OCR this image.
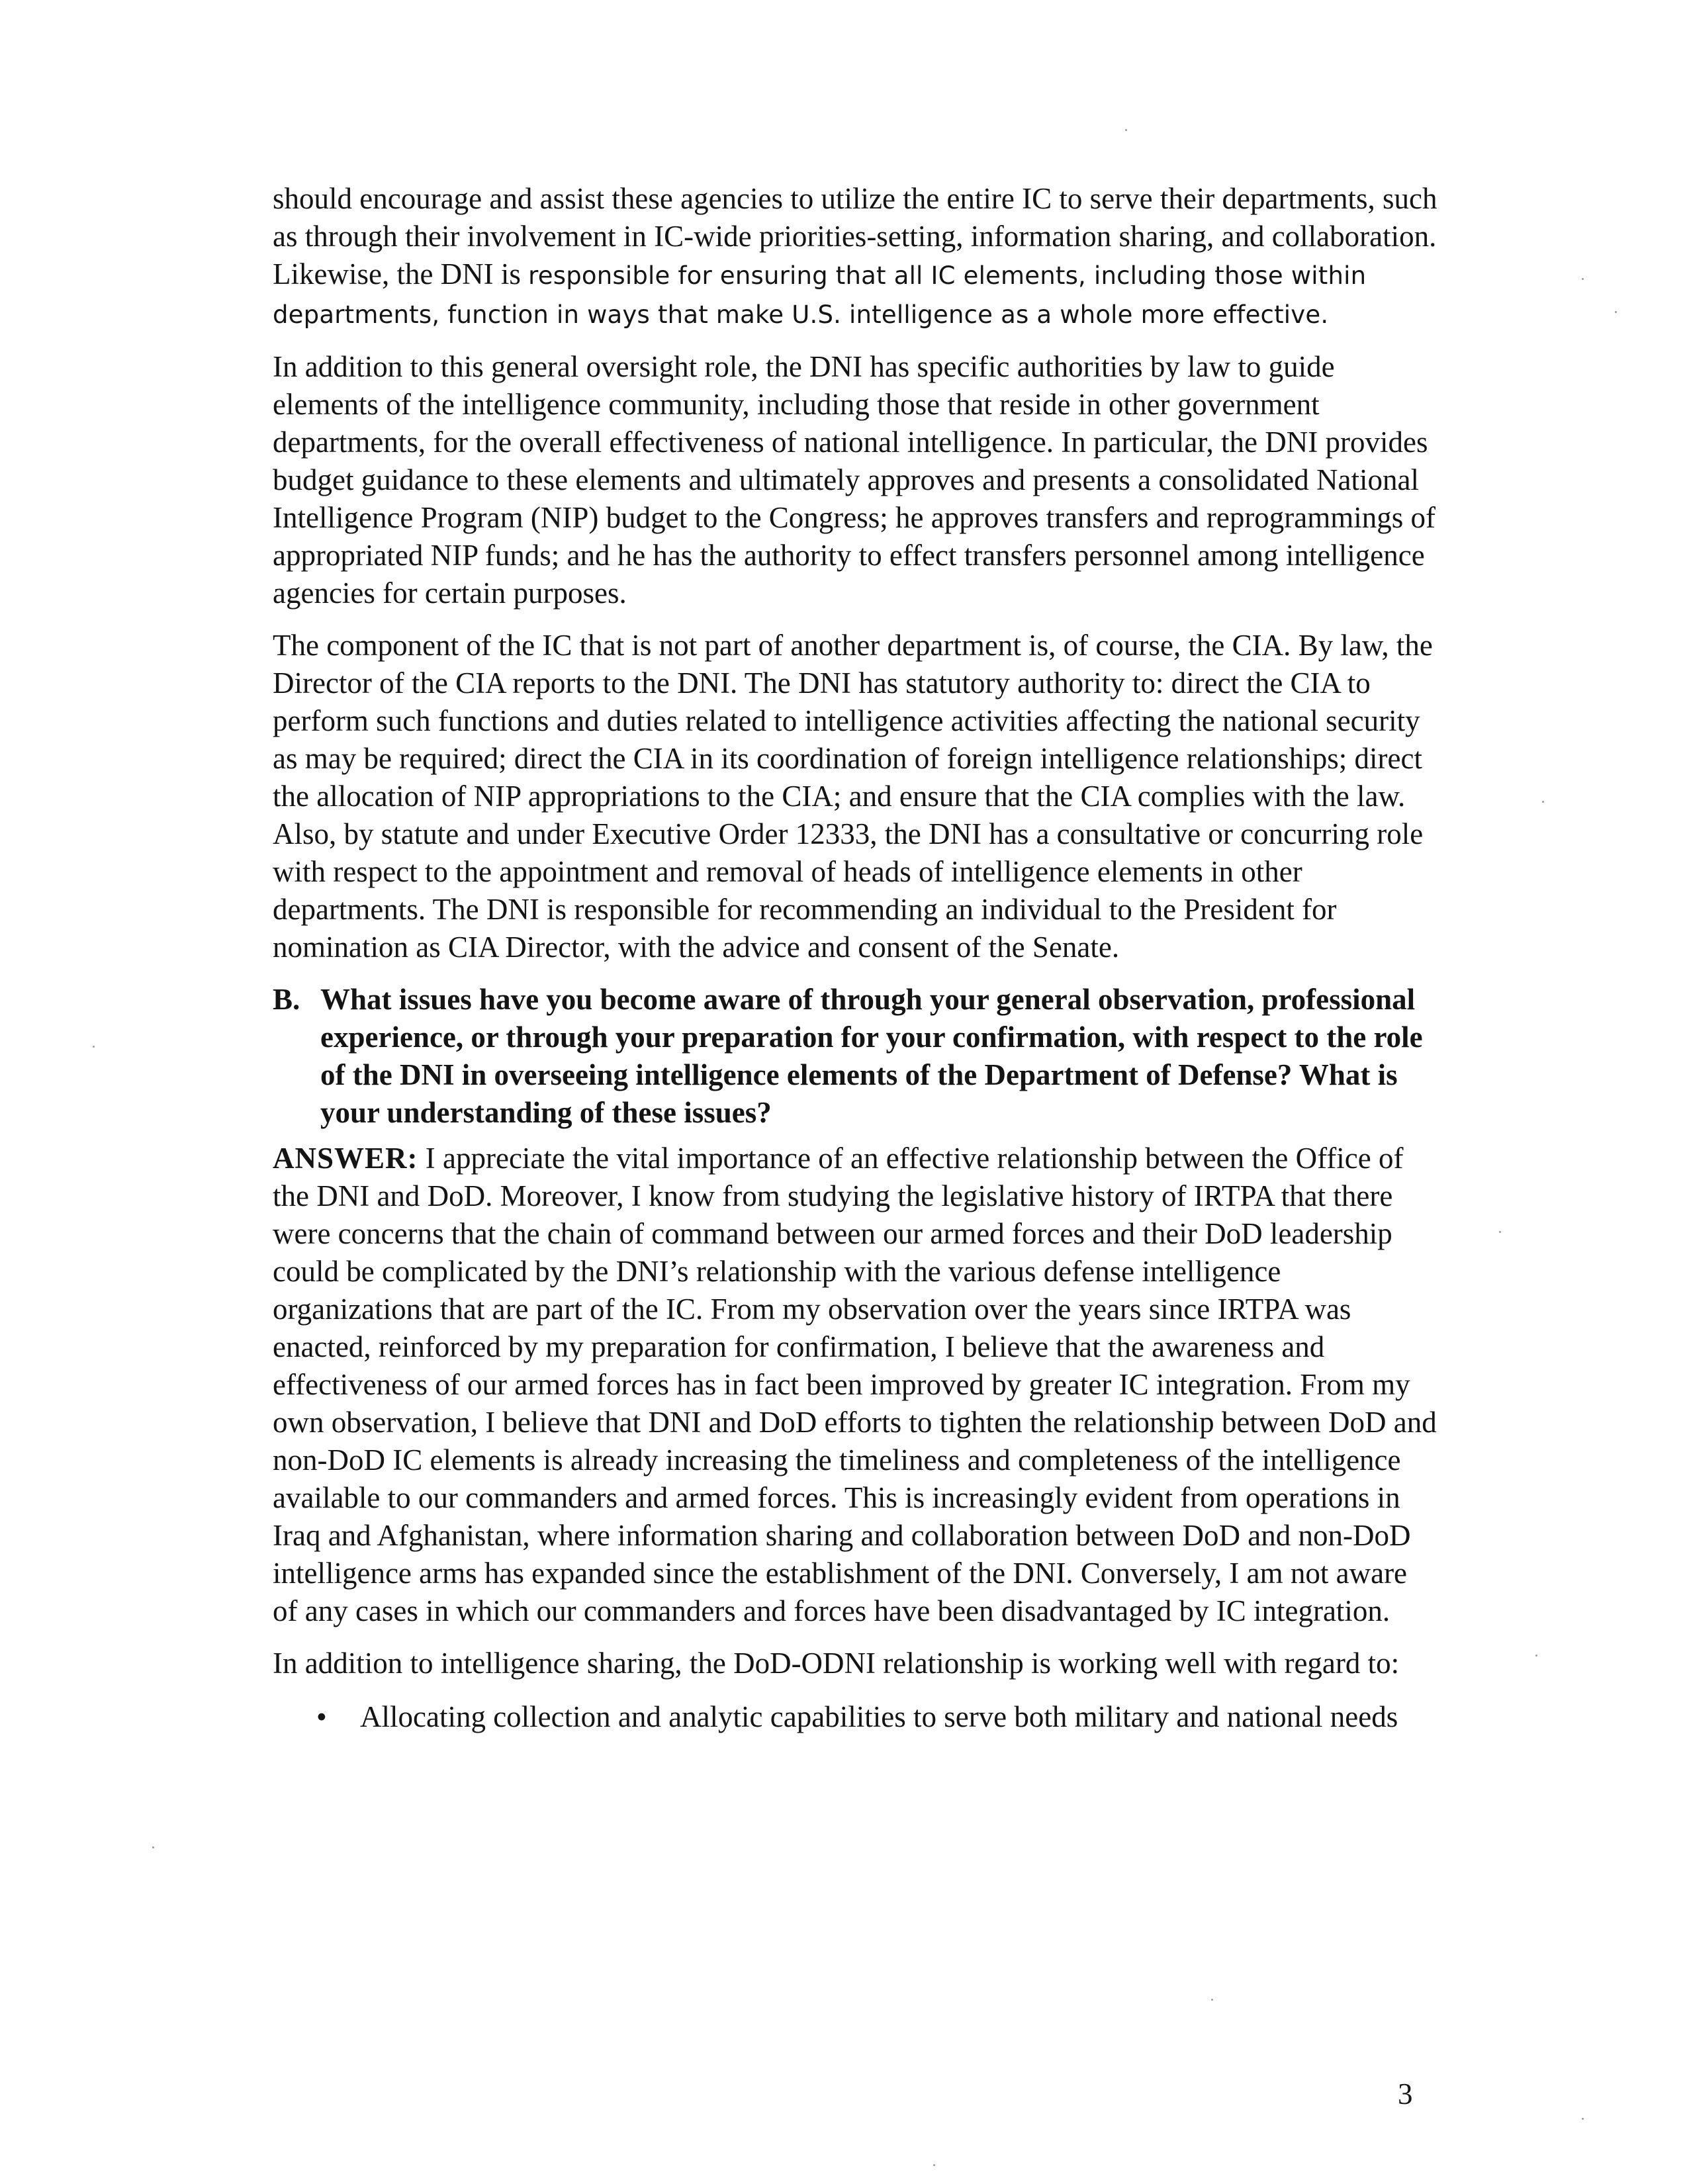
should encourage and assist these agencies to utilize the entire IC to serve their departments, such as through their involvement in IC-wide priorities-setting, information sharing, and collaboration. Likewise, the DNI is responsible for ensuring that all IC elements, including those within departments, function in ways that make U.S. intelligence as a whole more effective.

In addition to this general oversight role, the DNI has specific authorities by law to guide elements of the intelligence community, including those that reside in other government departments, for the overall effectiveness of national intelligence. In particular, the DNI provides budget guidance to these elements and ultimately approves and presents a consolidated National Intelligence Program (NIP) budget to the Congress; he approves transfers and reprogrammings of appropriated NIP funds; and he has the authority to effect transfers personnel among intelligence agencies for certain purposes.

The component of the IC that is not part of another department is, of course, the CIA. By law, the Director of the CIA reports to the DNI. The DNI has statutory authority to: direct the CIA to perform such functions and duties related to intelligence activities affecting the national security as may be required; direct the CIA in its coordination of foreign intelligence relationships; direct the allocation of NIP appropriations to the CIA; and ensure that the CIA complies with the law. Also, by statute and under Executive Order 12333, the DNI has a consultative or concurring role with respect to the appointment and removal of heads of intelligence elements in other departments. The DNI is responsible for recommending an individual to the President for nomination as CIA Director, with the advice and consent of the Senate.

B. What issues have you become aware of through your general observation, professional experience, or through your preparation for your confirmation, with respect to the role of the DNI in overseeing intelligence elements of the Department of Defense? What is your understanding of these issues?

ANSWER: I appreciate the vital importance of an effective relationship between the Office of the DNI and DoD. Moreover, I know from studying the legislative history of IRTPA that there were concerns that the chain of command between our armed forces and their DoD leadership could be complicated by the DNI’s relationship with the various defense intelligence organizations that are part of the IC. From my observation over the years since IRTPA was enacted, reinforced by my preparation for confirmation, I believe that the awareness and effectiveness of our armed forces has in fact been improved by greater IC integration. From my own observation, I believe that DNI and DoD efforts to tighten the relationship between DoD and non-DoD IC elements is already increasing the timeliness and completeness of the intelligence available to our commanders and armed forces. This is increasingly evident from operations in Iraq and Afghanistan, where information sharing and collaboration between DoD and non-DoD intelligence arms has expanded since the establishment of the DNI. Conversely, I am not aware of any cases in which our commanders and forces have been disadvantaged by IC integration.

In addition to intelligence sharing, the DoD-ODNI relationship is working well with regard to:

• Allocating collection and analytic capabilities to serve both military and national needs
3
